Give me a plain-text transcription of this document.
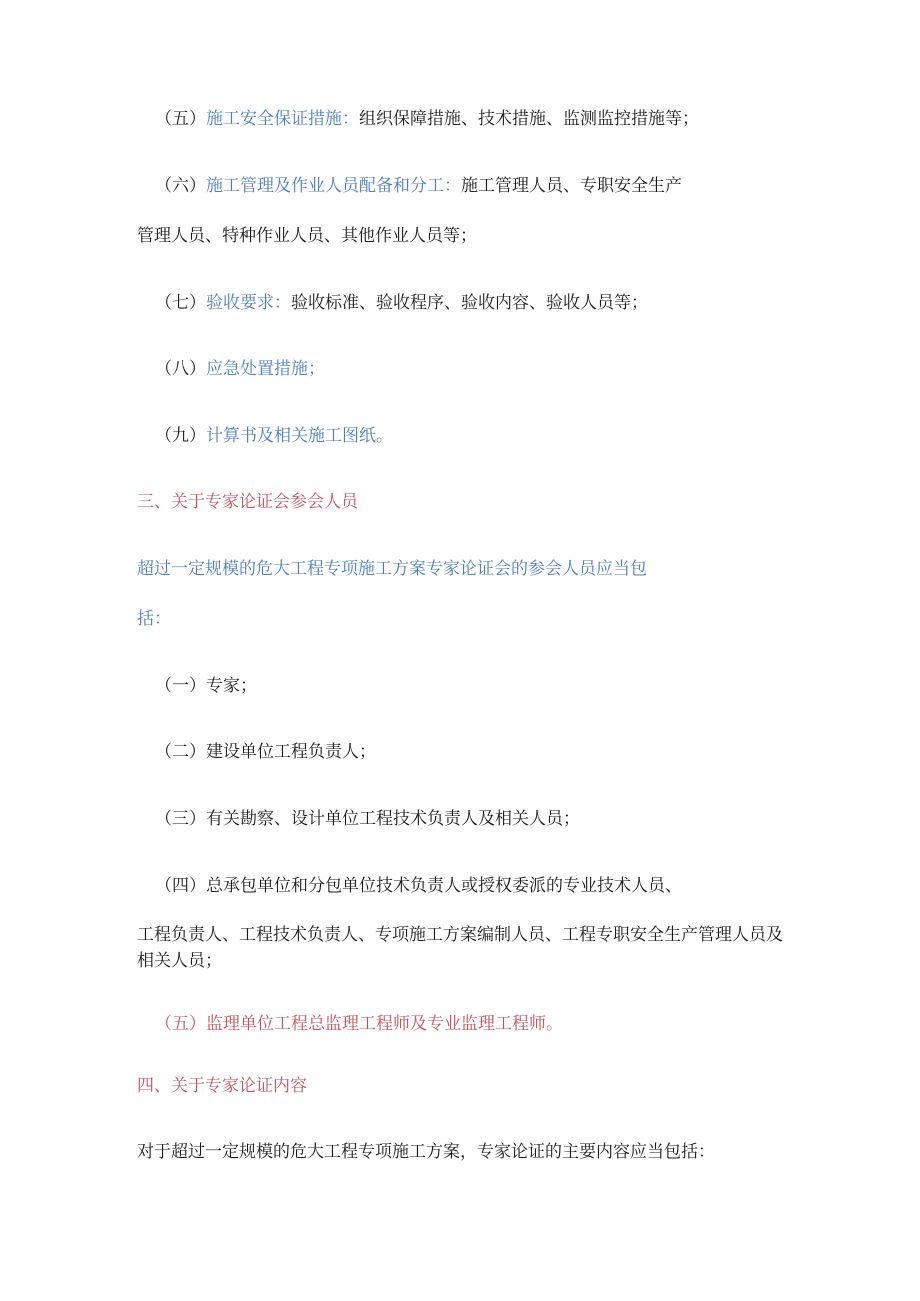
（五）施工安全保证措施：组织保障措施、技术措施、监测监控措施等；
（六）施工管理及作业人员配备和分工：施工管理人员、专职安全生产
管理人员、特种作业人员、其他作业人员等；
（七）验收要求：验收标准、验收程序、验收内容、验收人员等；
（八）应急处置措施；
（九）计算书及相关施工图纸。
三、关于专家论证会参会人员
超过一定规模的危大工程专项施工方案专家论证会的参会人员应当包
括：
（一）专家；
（二）建设单位工程负责人；
（三）有关勘察、设计单位工程技术负责人及相关人员；
（四）总承包单位和分包单位技术负责人或授权委派的专业技术人员、
工程负责人、工程技术负责人、专项施工方案编制人员、工程专职安全生产管理人员及相关人员；
（五）监理单位工程总监理工程师及专业监理工程师。
四、关于专家论证内容
对于超过一定规模的危大工程专项施工方案，专家论证的主要内容应当包括：
